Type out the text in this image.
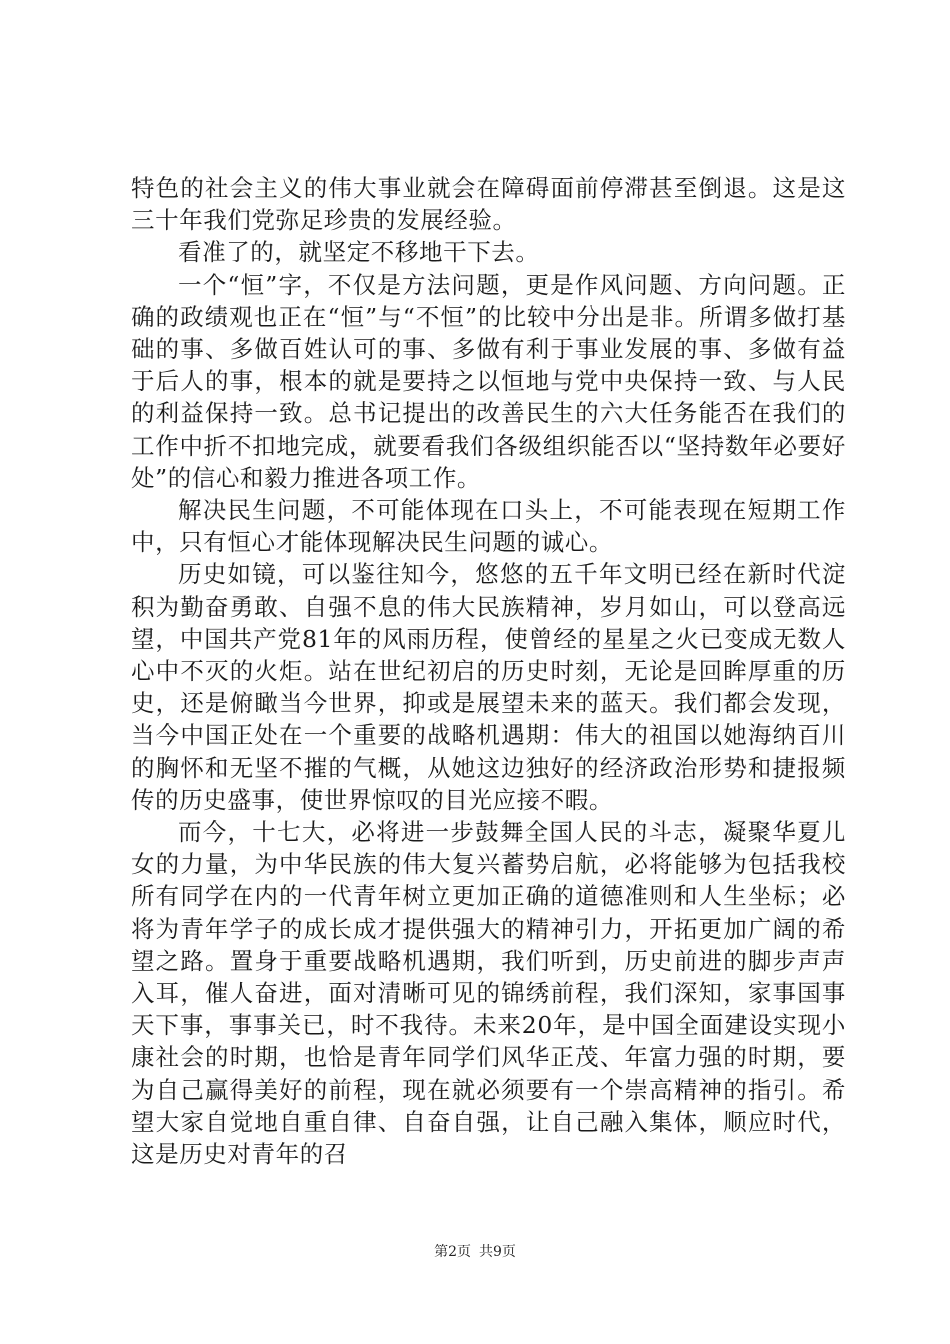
特色的社会主义的伟大事业就会在障碍面前停滞甚至倒退。这是这三十年我们党弥足珍贵的发展经验。

看准了的，就坚定不移地干下去。

一个“恒”字，不仅是方法问题，更是作风问题、方向问题。正确的政绩观也正在“恒”与“不恒”的比较中分出是非。所谓多做打基础的事、多做百姓认可的事、多做有利于事业发展的事、多做有益于后人的事，根本的就是要持之以恒地与党中央保持一致、与人民的利益保持一致。总书记提出的改善民生的六大任务能否在我们的工作中折不扣地完成，就要看我们各级组织能否以“坚持数年必要好处”的信心和毅力推进各项工作。

解决民生问题，不可能体现在口头上，不可能表现在短期工作中，只有恒心才能体现解决民生问题的诚心。

历史如镜，可以鉴往知今，悠悠的五千年文明已经在新时代淀积为勤奋勇敢、自强不息的伟大民族精神，岁月如山，可以登高远望，中国共产党81年的风雨历程，使曾经的星星之火已变成无数人心中不灭的火炬。站在世纪初启的历史时刻，无论是回眸厚重的历史，还是俯瞰当今世界，抑或是展望未来的蓝天。我们都会发现，当今中国正处在一个重要的战略机遇期：伟大的祖国以她海纳百川的胸怀和无坚不摧的气概，从她这边独好的经济政治形势和捷报频传的历史盛事，使世界惊叹的目光应接不暇。

而今，十七大，必将进一步鼓舞全国人民的斗志，凝聚华夏儿女的力量，为中华民族的伟大复兴蓄势启航，必将能够为包括我校所有同学在内的一代青年树立更加正确的道德准则和人生坐标；必将为青年学子的成长成才提供强大的精神引力，开拓更加广阔的希望之路。置身于重要战略机遇期，我们听到，历史前进的脚步声声入耳，催人奋进，面对清晰可见的锦绣前程，我们深知，家事国事天下事，事事关已，时不我待。未来20年，是中国全面建设实现小康社会的时期，也恰是青年同学们风华正茂、年富力强的时期，要为自己赢得美好的前程，现在就必须要有一个崇高精神的指引。希望大家自觉地自重自律、自奋自强，让自己融入集体，顺应时代，这是历史对青年的召

第2页 共9页
